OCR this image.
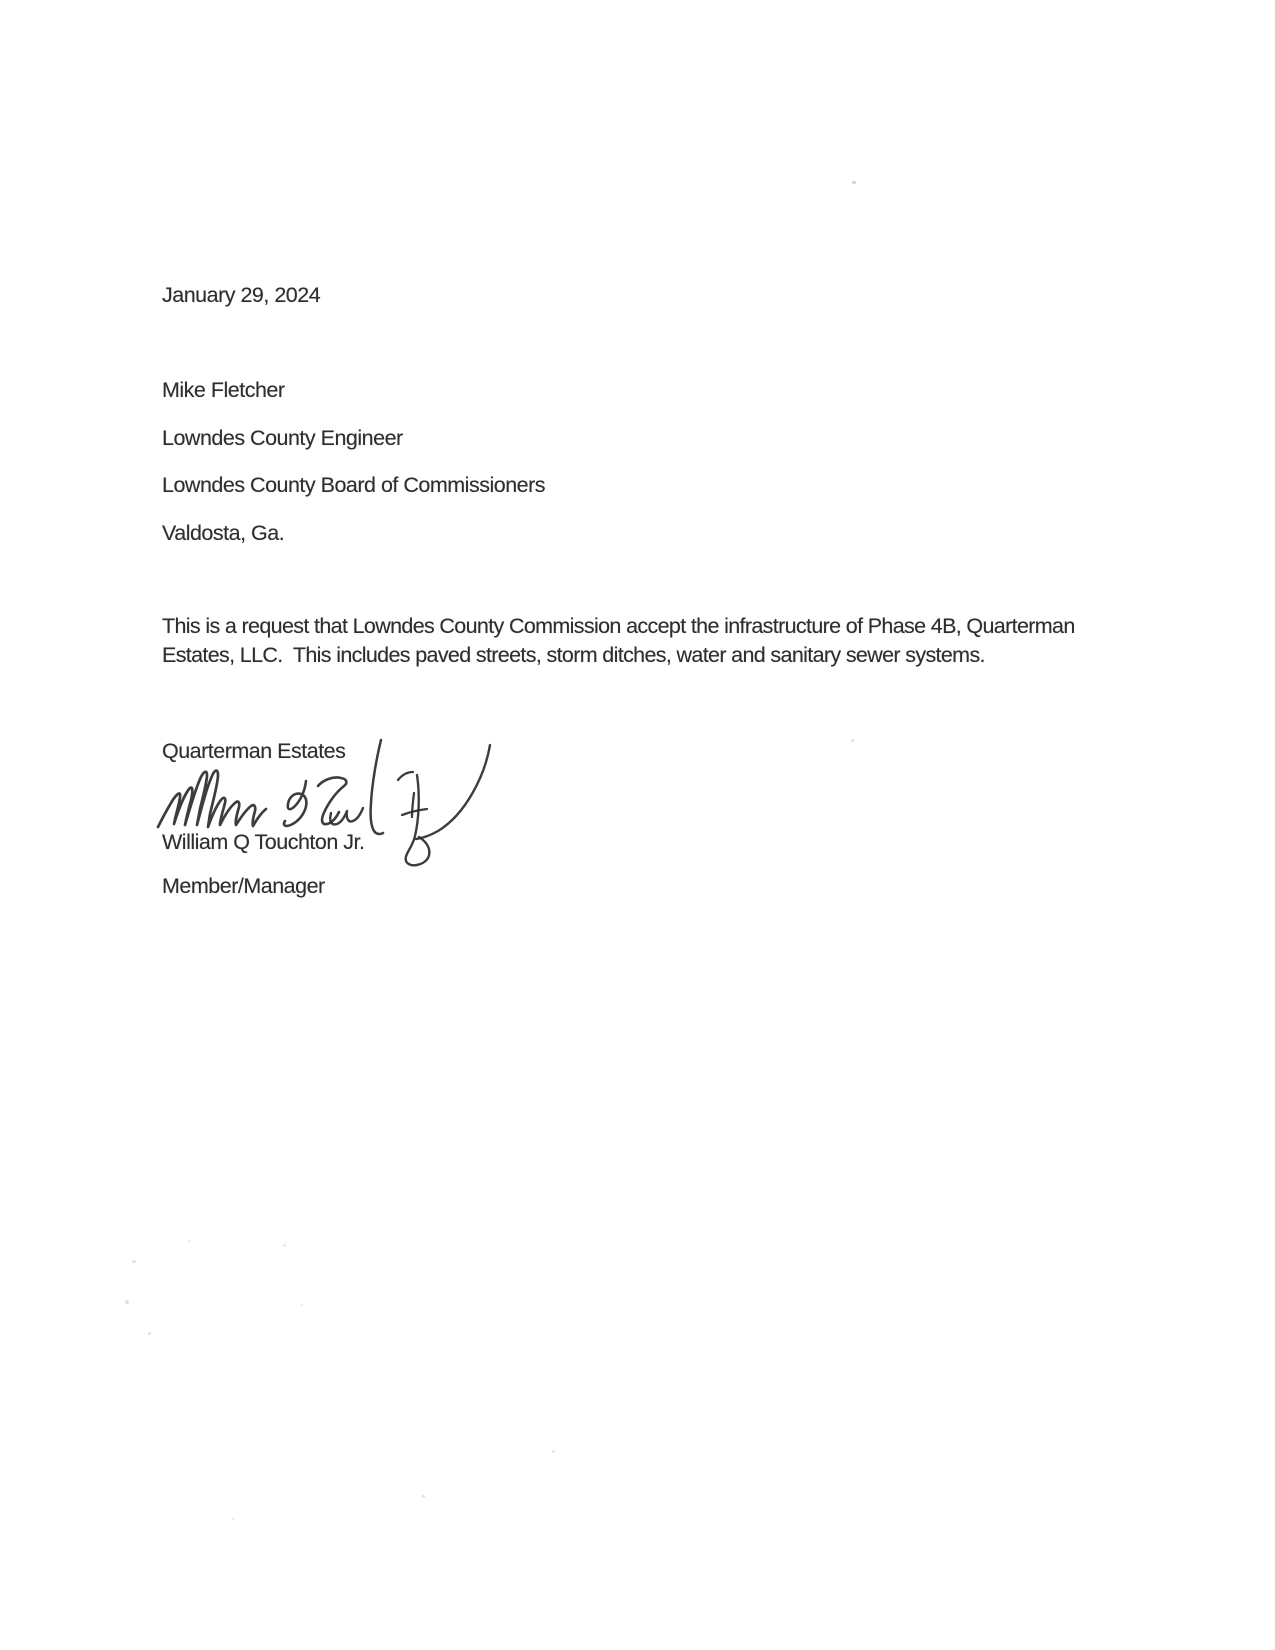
January 29, 2024
Mike Fletcher
Lowndes County Engineer
Lowndes County Board of Commissioners
Valdosta, Ga.
This is a request that Lowndes County Commission accept the infrastructure of Phase 4B, Quarterman
Estates, LLC.  This includes paved streets, storm ditches, water and sanitary sewer systems.
Quarterman Estates
William Q Touchton Jr.
Member/Manager
